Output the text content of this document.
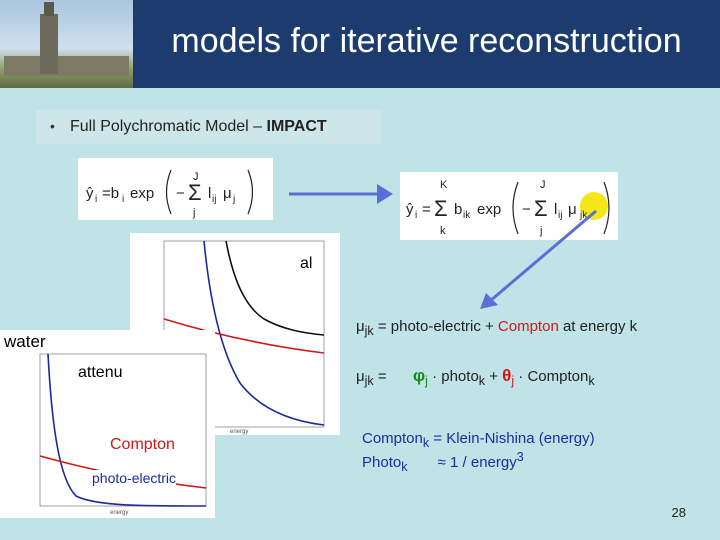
models for iterative reconstruction
• Full Polychromatic Model – IMPACT
ŷ i =b i exp − Σ
J
j
l ij μ j
ŷ i = Σ
K
k
b ik exp − Σ
J
j
l ij μ jk
energy
al
energy
water
attenu
Compton
photo-electric
$\mu_{jk}$ = photo-electric + Compton at energy k
$\mu_{jk} = \varphi_j$ · photo$_k$ + $\theta_j$ · Compton$_k$
Compton$_k$ = Klein-Nishina (energy)
Photo$_k$ ≈ 1 / energy$^3$
28
